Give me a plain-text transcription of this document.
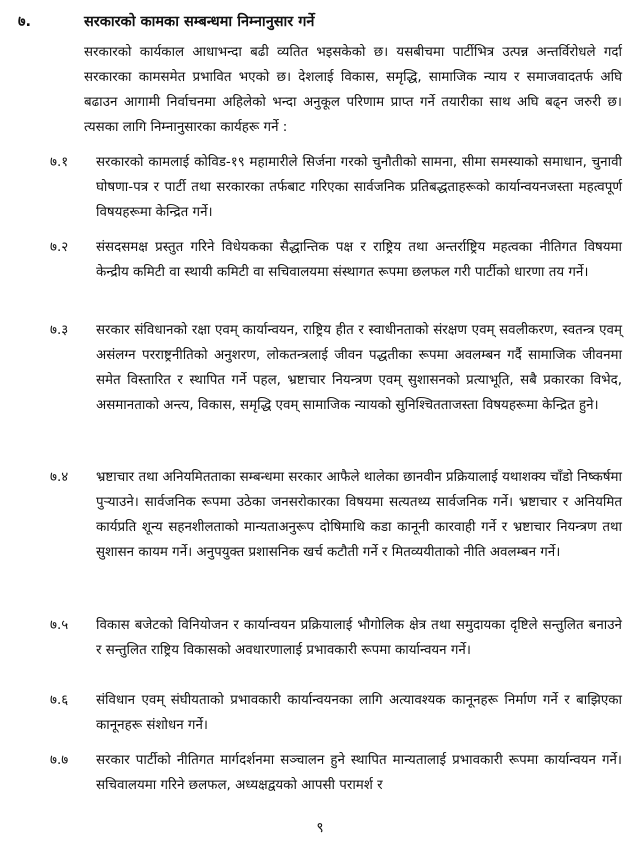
७.	सरकारको कामका सम्बन्धमा निम्नानुसार गर्ने

सरकारको कार्यकाल आधाभन्दा बढी व्यतित भइसकेको छ। यसबीचमा पार्टीभित्र उत्पन्न अन्तर्विरोधले गर्दा सरकारका कामसमेत प्रभावित भएको छ। देशलाई विकास, समृद्धि, सामाजिक न्याय र समाजवादतर्फ अघि बढाउन आगामी निर्वाचनमा अहिलेको भन्दा अनुकूल परिणाम प्राप्त गर्ने तयारीका साथ अघि बढ्न जरुरी छ। त्यसका लागि निम्नानुसारका कार्यहरू गर्ने :

७.१	सरकारको कामलाई कोविड-१९ महामारीले सिर्जना गरको चुनौतीको सामना, सीमा समस्याको समाधान, चुनावी घोषणा-पत्र र पार्टी तथा सरकारका तर्फबाट गरिएका सार्वजनिक प्रतिबद्धताहरूको कार्यान्वयनजस्ता महत्वपूर्ण विषयहरूमा केन्द्रित गर्ने।

७.२	संसदसमक्ष प्रस्तुत गरिने विधेयकका सैद्धान्तिक पक्ष र राष्ट्रिय तथा अन्तर्राष्ट्रिय महत्वका नीतिगत विषयमा केन्द्रीय कमिटी वा स्थायी कमिटी वा सचिवालयमा संस्थागत रूपमा छलफल गरी पार्टीको धारणा तय गर्ने।

७.३	सरकार संविधानको रक्षा एवम् कार्यान्वयन, राष्ट्रिय हीत र स्वाधीनताको संरक्षण एवम् सवलीकरण, स्वतन्त्र एवम् असंलग्न परराष्ट्रनीतिको अनुशरण, लोकतन्त्रलाई जीवन पद्धतीका रूपमा अवलम्बन गर्दै सामाजिक जीवनमा समेत विस्तारित र स्थापित गर्ने पहल, भ्रष्टाचार नियन्त्रण एवम् सुशासनको प्रत्याभूति, सबै प्रकारका विभेद, असमानताको अन्त्य, विकास, समृद्धि एवम् सामाजिक न्यायको सुनिश्चितताजस्ता विषयहरूमा केन्द्रित हुने।

७.४	भ्रष्टाचार तथा अनियमितताका सम्बन्धमा सरकार आफैले थालेका छानवीन प्रक्रियालाई यथाशक्य चाँडो निष्कर्षमा पुऱ्याउने। सार्वजनिक रूपमा उठेका जनसरोकारका विषयमा सत्यतथ्य सार्वजनिक गर्ने। भ्रष्टाचार र अनियमित कार्यप्रति शून्य सहनशीलताको मान्यताअनुरूप दोषिमाथि कडा कानूनी कारवाही गर्ने र भ्रष्टाचार नियन्त्रण तथा सुशासन कायम गर्ने। अनुपयुक्त प्रशासनिक खर्च कटौती गर्ने र मितव्ययीताको नीति अवलम्बन गर्ने।

७.५	विकास बजेटको विनियोजन र कार्यान्वयन प्रक्रियालाई भौगोलिक क्षेत्र तथा समुदायका दृष्टिले सन्तुलित बनाउने र सन्तुलित राष्ट्रिय विकासको अवधारणालाई प्रभावकारी रूपमा कार्यान्वयन गर्ने।

७.६	संविधान एवम् संघीयताको प्रभावकारी कार्यान्वयनका लागि अत्यावश्यक कानूनहरू निर्माण गर्ने र बाझिएका कानूनहरू संशोधन गर्ने।

७.७	सरकार पार्टीको नीतिगत मार्गदर्शनमा सञ्चालन हुने स्थापित मान्यतालाई प्रभावकारी रूपमा कार्यान्वयन गर्ने। सचिवालयमा गरिने छलफल, अध्यक्षद्वयको आपसी परामर्श र

९
